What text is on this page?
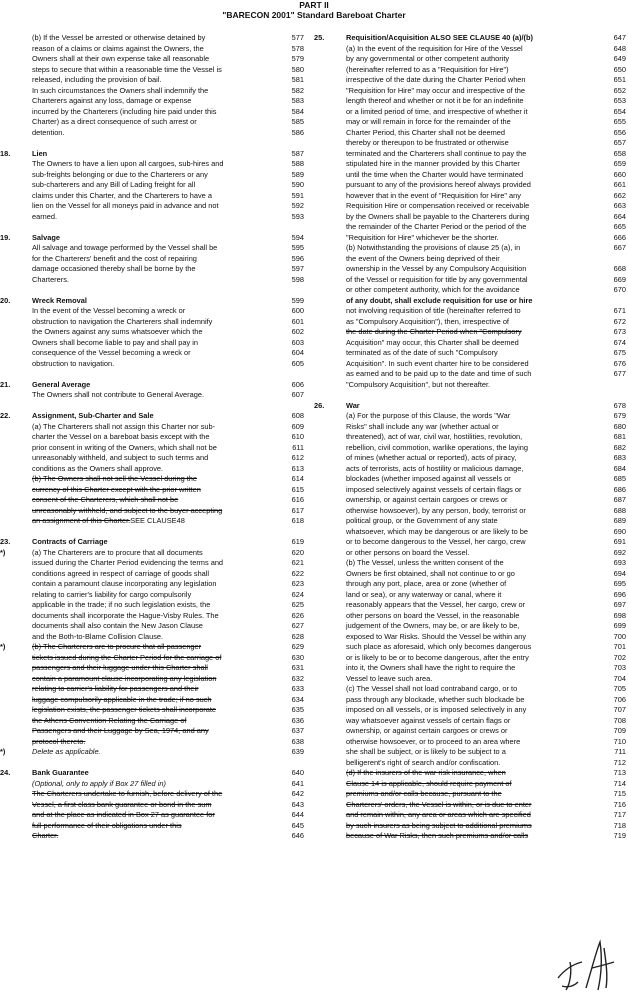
PART II
"BARECON 2001" Standard Bareboat Charter
(b) If the Vessel be arrested or otherwise detained by	577
reason of a claims or claims against the Owners, the	578
Owners shall at their own expense take all reasonable	579
steps to secure that within a reasonable time the Vessel is	580
released, including the provision of bail.	581
In such circumstances the Owners shall indemnify the	582
Charterers against any loss, damage or expense	583
incurred by the Charterers (including hire paid under this	584
Charter) as a direct consequence of such arrest or	585
detention.	586
18.	Lien	587
The Owners to have a lien upon all cargoes, sub-hires and	588
sub-freights belonging or due to the Charterers or any	589
sub-charterers and any Bill of Lading freight for all	590
claims under this Charter, and the Charterers to have a	591
lien on the Vessel for all moneys paid in advance and not	592
earned.	593
19.	Salvage	594
All salvage and towage performed by the Vessel shall be	595
for the Charterers' benefit and the cost of repairing	596
damage occasioned thereby shall be borne by the	597
Charterers.	598
20.	Wreck Removal	599
In the event of the Vessel becoming a wreck or	600
obstruction to navigation the Charterers shall indemnify	601
the Owners against any sums whatsoever which the	602
Owners shall become liable to pay and shall pay in	603
consequence of the Vessel becoming a wreck or	604
obstruction to navigation.	605
21.	General Average	606
The Owners shall not contribute to General Average.	607
22.	Assignment, Sub-Charter and Sale	608
(a) The Charterers shall not assign this Charter nor sub-	609
charter the Vessel on a bareboat basis except with the	610
prior consent in writing of the Owners, which shall not be	611
unreasonably withheld, and subject to such terms and	612
conditions as the Owners shall approve.	613
(b) The Owners shall not sell the Vessel during the	614
currency of this Charter except with the prior written	615
consent of the Charterers, which shall not be	616
unreasonably withheld, and subject to the buyer accepting	617
an assignment of this Charter.SEE CLAUSE48	618
23.	Contracts of Carriage	619
*)	(a) The Charterers are to procure that all documents	620
issued during the Charter Period evidencing the terms and	621
conditions agreed in respect of carriage of goods shall	622
contain a paramount clause incorporating any legislation	623
relating to carrier's liability for cargo compulsorily	624
applicable in the trade; if no such legislation exists, the	625
documents shall incorporate the Hague-Visby Rules. The	626
documents shall also contain the New Jason Clause	627
and the Both-to-Blame Collision Clause.	628
*)	(b) The Charterers are to procure that all passenger	629
tickets issued during the Charter Period for the carriage of	630
passengers and their luggage under this Charter shall	631
contain a paramount clause incorporating any legislation	632
relating to carrier's liability for passengers and their	633
luggage compulsorily applicable in the trade; if no such	634
legislation exists, the passenger tickets shall incorporate	635
the Athens Convention Relating the Carriage of	636
Passengers and their Luggage by Sea, 1974, and any	637
protocol thereto.	638
*)	Delete as applicable.	639
24.	Bank Guarantee	640
(Optional, only to apply if Box 27 filled in)	641
The Charterers undertake to furnish, before delivery of the	642
Vessel, a first class bank guarantee or bond in the sum	643
and at the place as indicated in Box 27 as guarantee for	644
full performance of their obligations under this	645
Charter.	646
25.	Requisition/Acquisition ALSO SEE CLAUSE 40 (a)/(b)	647
(a) In the event of the requisition for Hire of the Vessel	648
by any governmental or other competent authority	649
(hereinafter referred to as a "Requisition for Hire")	650
irrespective of the date during the Charter Period when	651
"Requisition for Hire" may occur and irrespective of the	652
length thereof and whether or not it be for an indefinite	653
or a limited period of time, and irrespective of whether it	654
may or will remain in force for the remainder of the	655
Charter Period, this Charter shall not be deemed	656
thereby or thereupon to be frustrated or otherwise	657
terminated and the Charterers shall continue to pay the	658
stipulated hire in the manner provided by this Charter	659
until the time when the Charter would have terminated	660
pursuant to any of the provisions hereof always provided	661
however that in the event of "Requisition for Hire" any	662
Requisition Hire or compensation received or receivable	663
by the Owners shall be payable to the Charterers during	664
the remainder of the Charter Period or the period of the	665
"Requisition for Hire" whichever be the shorter.	666
(b) Notwithstanding the provisions of clause 25 (a), in	667
the event of the Owners being deprived of their
ownership in the Vessel by any Compulsory Acquisition	668
of the Vessel or requisition for title by any governmental	669
or other competent authority, which for the avoidance	670
of any doubt, shall exclude requisition for use or hire
not involving requisition of title (hereinafter referred to	671
as "Compulsory Acquisition"), then, irrespective of	672
the date during the Charter Period when "Compulsory	673
Acquisition" may occur, this Charter shall be deemed	674
terminated as of the date of such "Compulsory	675
Acquisition". In such event charter hire to be considered	676
as earned and to be paid up to the date and time of such	677
"Compulsory Acquisition", but not thereafter.
26.	War	678
(a) For the purpose of this Clause, the words "War	679
Risks" shall include any war (whether actual or	680
threatened), act of war, civil war, hostilities, revolution,	681
rebellion, civil commotion, warlike operations, the laying	682
of mines (whether actual or reported), acts of piracy,	683
acts of terrorists, acts of hostility or malicious damage,	684
blockades (whether imposed against all vessels or	685
imposed selectively against vessels of certain flags or	686
ownership, or against certain cargoes or crews or	687
otherwise howsoever), by any person, body, terrorist or	688
political group, or the Government of any state	689
whatsoever, which may be dangerous or are likely to be	690
or to become dangerous to the Vessel, her cargo, crew	691
or other persons on board the Vessel.	692
(b) The Vessel, unless the written consent of the	693
Owners be first obtained, shall not continue to or go	694
through any port, place, area or zone (whether of	695
land or sea), or any waterway or canal, where it	696
reasonably appears that the Vessel, her cargo, crew or	697
other persons on board the Vessel, in the reasonable	698
judgement of the Owners, may be, or are likely to be,	699
exposed to War Risks. Should the Vessel be within any	700
such place as aforesaid, which only becomes dangerous	701
or is likely to be or to become dangerous, after the entry	702
into it, the Owners shall have the right to require the	703
Vessel to leave such area.	704
(c) The Vessel shall not load contraband cargo, or to	705
pass through any blockade, whether such blockade be	706
imposed on all vessels, or is imposed selectively in any	707
way whatsoever against vessels of certain flags or	708
ownership, or against certain cargoes or crews or	709
otherwise howsoever, or to proceed to an area where	710
she shall be subject, or is likely to be subject to a	711
belligerent's right of search and/or confiscation.	712
(d) If the insurers of the war risk insurance, when	713
Clause 14 is applicable, should require payment of	714
premiums and/or calls because, pursuant to the	715
Charterers' orders, the Vessel is within, or is due to enter	716
and remain within, any area or areas which are specified	717
by such insurers as being subject to additional premiums	718
because of War Risks, then such premiums and/or calls	719
